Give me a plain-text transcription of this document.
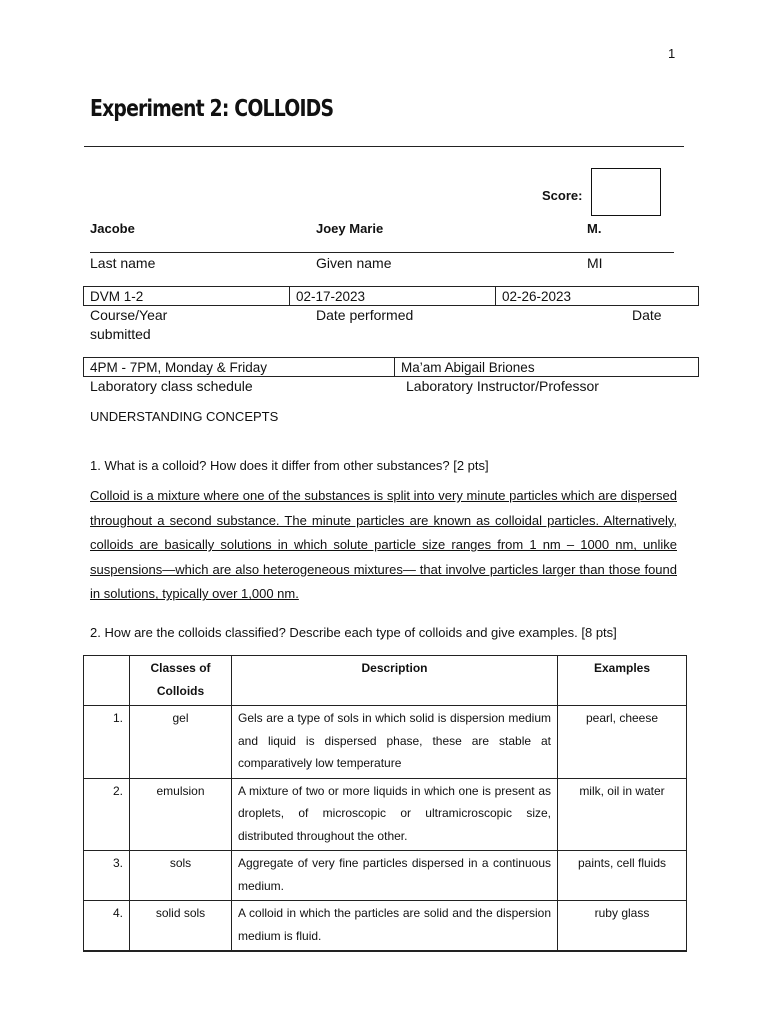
1
Experiment 2: COLLOIDS
Score:
Jacobe	Joey Marie	M.
Last name	Given name	MI
DVM 1-2	02-17-2023	02-26-2023
Course/Year	Date performed	Date
submitted
4PM - 7PM, Monday & Friday	Ma’am Abigail Briones
Laboratory class schedule	Laboratory Instructor/Professor
UNDERSTANDING CONCEPTS
1. What is a colloid? How does it differ from other substances? [2 pts]
Colloid is a mixture where one of the substances is split into very minute particles which are dispersed throughout a second substance. The minute particles are known as colloidal particles. Alternatively, colloids are basically solutions in which solute particle size ranges from 1 nm – 1000 nm, unlike suspensions—which are also heterogeneous mixtures— that involve particles larger than those found in solutions, typically over 1,000 nm.
2. How are the colloids classified? Describe each type of colloids and give examples. [8 pts]
	Classes of Colloids	Description	Examples
1.	gel	Gels are a type of sols in which solid is dispersion medium and liquid is dispersed phase, these are stable at comparatively low temperature	pearl, cheese
2.	emulsion	A mixture of two or more liquids in which one is present as droplets, of microscopic or ultramicroscopic size, distributed throughout the other.	milk, oil in water
3.	sols	Aggregate of very fine particles dispersed in a continuous medium.	paints, cell fluids
4.	solid sols	A colloid in which the particles are solid and the dispersion medium is fluid.	ruby glass
